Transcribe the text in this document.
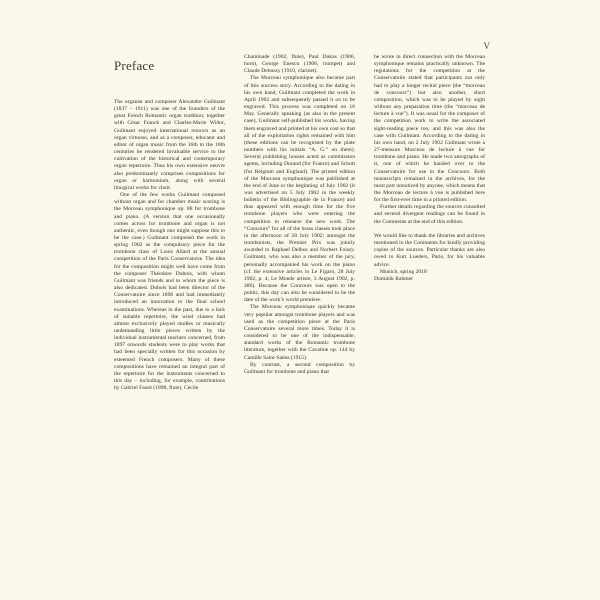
V
Preface

The organist and composer Alexandre Guilmant (1837 – 1911) was one of the founders of the great French Romantic organ tradition; together with César Franck and Charles-Marie Widor, Guilmant enjoyed international renown as an organ virtuoso, and as a composer, educator and editor of organ music from the 16th to the 18th centuries he rendered invaluable service to the cultivation of the historical and contemporary organ repertoire. Thus his own extensive oeuvre also predominantly comprises compositions for organ or harmonium, along with several liturgical works for choir.

One of the few works Guilmant composed without organ and for chamber music scoring is the Morceau symphonique op. 88 for trombone and piano. (A version that one occasionally comes across for trombone and organ is not authentic, even though one might suppose this to be the case.) Guilmant composed the work in spring 1902 as the compulsory piece for the trombone class of Louis Allard at the annual competition of the Paris Conservatoire. The idea for the composition might well have come from the composer Théodore Dubois, with whom Guilmant was friends and to whom the piece is also dedicated. Dubois had been director of the Conservatoire since 1896 and had immediately introduced an innovation to the final school examinations. Whereas in the past, due to a lack of suitable repertoire, the wind classes had almost exclusively played studies or musically undemanding little pieces written by the individual instrumental teachers concerned, from 1897 onwards students were to play works that had been specially written for this occasion by esteemed French composers. Many of these compositions have remained an integral part of the repertoire for the instruments concerned to this day – including, for example, contributions by Gabriel Fauré (1898, flute), Cécile

Chaminade (1902, flute), Paul Dukas (1906, horn), George Enescu (1906, trumpet) and Claude Debussy (1910, clarinet).

The Morceau symphonique also became part of this success story. According to the dating in his own hand, Guilmant completed the work in April 1902 and subsequently passed it on to be engraved. This process was completed on 16 May. Generally speaking (as also in the present case), Guilmant self-published his works, having them engraved and printed at his own cost so that all of the exploitation rights remained with him (these editions can be recognised by the plate numbers with his initials “A. G.” on them). Several publishing houses acted as commission agents, including Durand (for France) and Schott (for Belgium and England). The printed edition of the Morceau symphonique was published at the end of June or the beginning of July 1902 (it was advertised on 5 July 1902 in the weekly bulletin of the Bibliographie de la France) and thus appeared with enough time for the five trombone players who were entering the competition to rehearse the new work. The “Concours” for all of the brass classes took place in the afternoon of 28 July 1902; amongst the trombonists, the Premier Prix was jointly awarded to Raphael Delbos and Norbert Foissy. Guilmant, who was also a member of the jury, personally accompanied his work on the piano (cf. the extensive articles in Le Figaro, 28 July 1902, p. 4; Le Monde artiste, 3 August 1902, p. 486). Because the Concours was open to the public, this day can also be considered to be the date of the work’s world premiere.

The Morceau symphonique quickly became very popular amongst trombone players and was used as the competition piece at the Paris Conservatoire several more times. Today it is considered to be one of the indispensable, standard works of the Romantic trombone literature, together with the Cavatine op. 144 by Camille Saint-Saëns (1915).

By contrast, a second composition by Guilmant for trombone and piano that

he wrote in direct connection with the Morceau symphonique remains practically unknown. The regulations for the competition at the Conservatoire stated that participants not only had to play a longer recital piece (the “morceau de concours”) but also another, short composition, which was to be played by sight without any preparation time (the “morceau de lecture à vue”). It was usual for the composer of the competition work to write the associated sight-reading piece too, and this was also the case with Guilmant. According to the dating in his own hand, on 2 July 1902 Guilmant wrote a 27-measure Morceau de lecture à vue for trombone and piano. He made two autographs of it, one of which he handed over to the Conservatoire for use in the Concours. Both manuscripts remained in the archives, for the most part unnoticed by anyone, which means that the Morceau de lecture à vue is published here for the first-ever time in a printed edition.

Further details regarding the sources consulted and several divergent readings can be found in the Comments at the end of this edition.

We would like to thank the libraries and archives mentioned in the Comments for kindly providing copies of the sources. Particular thanks are also owed to Kurt Lueders, Paris, for his valuable advice.

Munich, spring 2018

Dominik Rahmer
